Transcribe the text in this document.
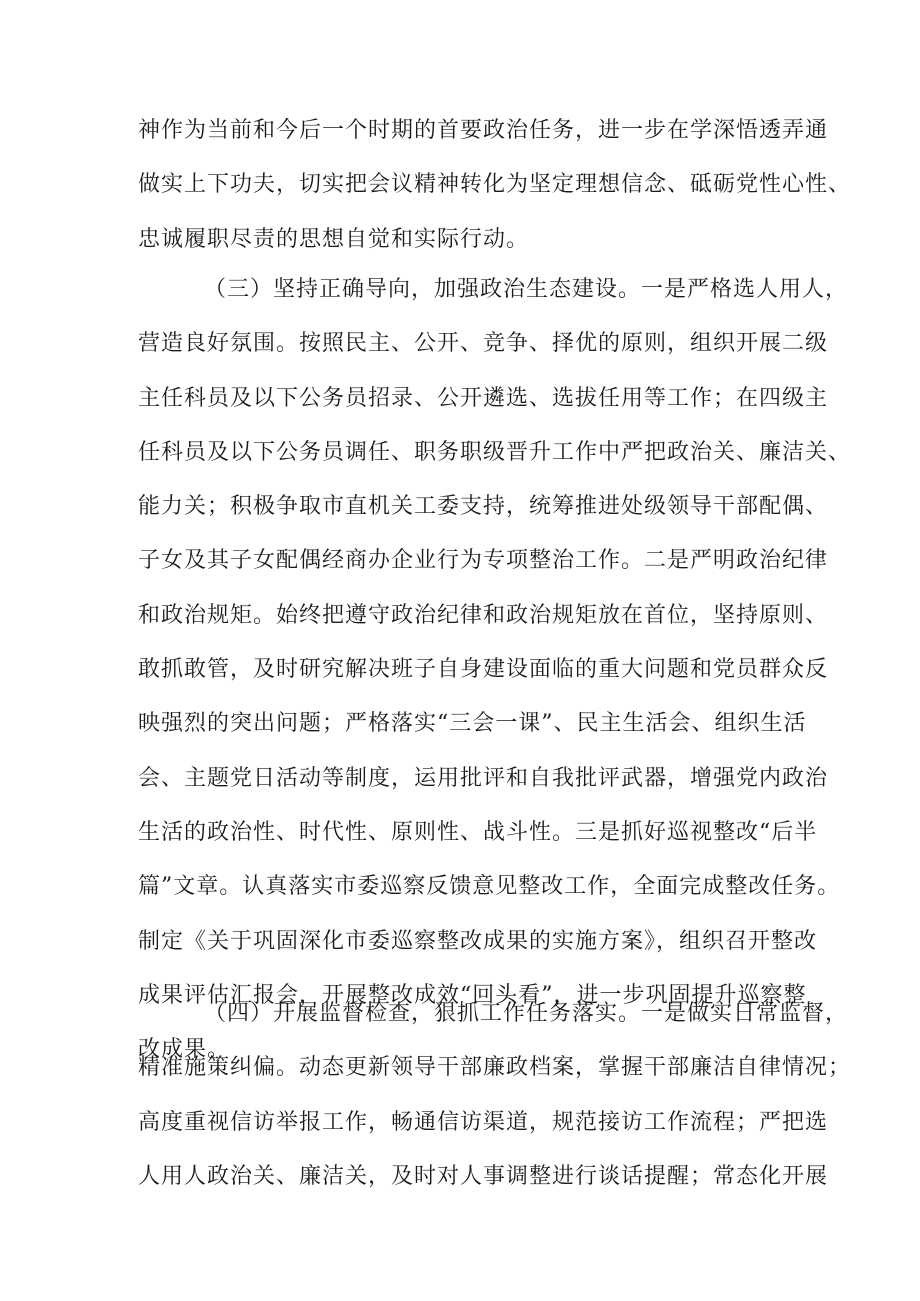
神作为当前和今后一个时期的首要政治任务，进一步在学深悟透弄通
做实上下功夫，切实把会议精神转化为坚定理想信念、砥砺党性心性、
忠诚履职尽责的思想自觉和实际行动。
（三）坚持正确导向，加强政治生态建设。一是严格选人用人，
营造良好氛围。按照民主、公开、竞争、择优的原则，组织开展二级
主任科员及以下公务员招录、公开遴选、选拔任用等工作；在四级主
任科员及以下公务员调任、职务职级晋升工作中严把政治关、廉洁关、
能力关；积极争取市直机关工委支持，统筹推进处级领导干部配偶、
子女及其子女配偶经商办企业行为专项整治工作。二是严明政治纪律
和政治规矩。始终把遵守政治纪律和政治规矩放在首位，坚持原则、
敢抓敢管，及时研究解决班子自身建设面临的重大问题和党员群众反
映强烈的突出问题；严格落实“三会一课”、民主生活会、组织生活
会、主题党日活动等制度，运用批评和自我批评武器，增强党内政治
生活的政治性、时代性、原则性、战斗性。三是抓好巡视整改“后半
篇”文章。认真落实市委巡察反馈意见整改工作，全面完成整改任务。
制定《关于巩固深化市委巡察整改成果的实施方案》，组织召开整改
成果评估汇报会，开展整改成效“回头看”，进一步巩固提升巡察整
改成果。
（四）开展监督检查，狠抓工作任务落实。一是做实日常监督，
精准施策纠偏。动态更新领导干部廉政档案，掌握干部廉洁自律情况；
高度重视信访举报工作，畅通信访渠道，规范接访工作流程；严把选
人用人政治关、廉洁关，及时对人事调整进行谈话提醒；常态化开展
